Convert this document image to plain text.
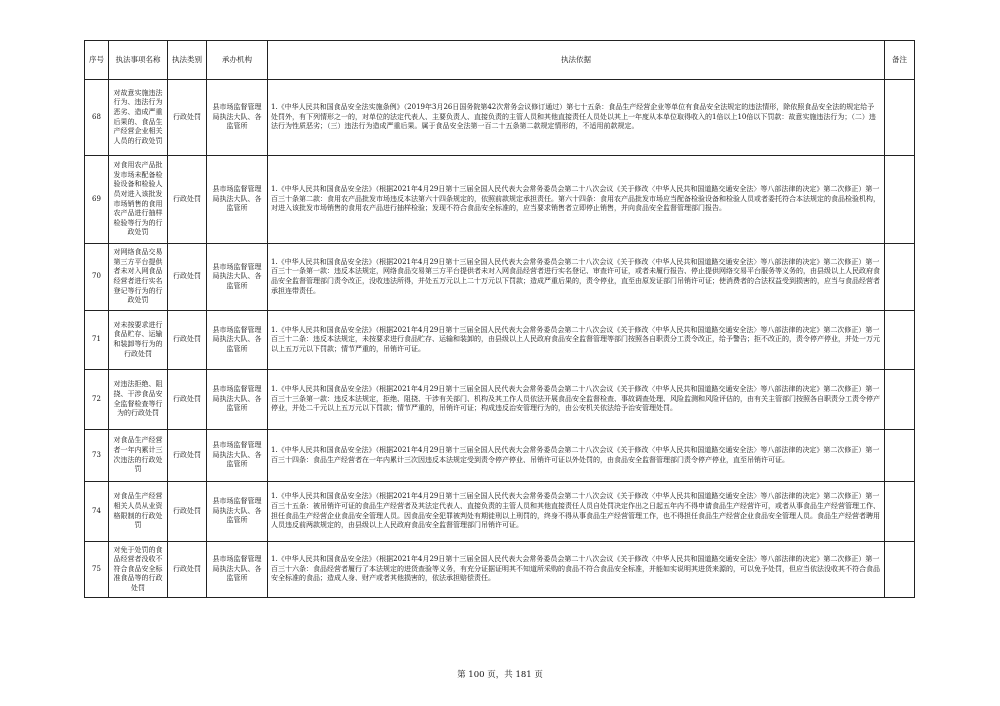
序号	执法事项名称	执法类别	承办机构	执法依据	备注
68	对故意实施违法行为、违法行为恶劣、造成严重后果的、食品生产经营企业相关人员的行政处罚	行政处罚	县市场监督管理局执法大队、各监管所	1.《中华人民共和国食品安全法实施条例》（2019年3月26日国务院第42次常务会议修订通过）第七十五条：食品生产经营企业等单位有食品安全法规定的违法情形，除依照食品安全法的规定给予处罚外，有下列情形之一的，对单位的法定代表人、主要负责人、直接负责的主管人员和其他直接责任人员处以其上一年度从本单位取得收入的1倍以上10倍以下罚款：故意实施违法行为；（二）违法行为性质恶劣；（三）违法行为造成严重后果。属于食品安全法第一百二十五条第二款规定情形的，不适用前款规定。	
69	对食用农产品批发市场未配备检验设备和检验人员对进入该批发市场销售的食用农产品进行抽样检验等行为的行政处罚	行政处罚	县市场监督管理局执法大队、各监管所	1.《中华人民共和国食品安全法》（根据2021年4月29日第十三届全国人民代表大会常务委员会第二十八次会议《关于修改〈中华人民共和国道路交通安全法〉等八部法律的决定》第二次修正）第一百三十条第二款：食用农产品批发市场违反本法第六十四条规定的，依照前款规定承担责任。第六十四条：食用农产品批发市场应当配备检验设备和检验人员或者委托符合本法规定的食品检验机构，对进入该批发市场销售的食用农产品进行抽样检验；发现不符合食品安全标准的，应当要求销售者立即停止销售，并向食品安全监督管理部门报告。	
70	对网络食品交易第三方平台提供者未对入网食品经营者进行实名登记等行为的行政处罚	行政处罚	县市场监督管理局执法大队、各监管所	1.《中华人民共和国食品安全法》（根据2021年4月29日第十三届全国人民代表大会常务委员会第二十八次会议《关于修改〈中华人民共和国道路交通安全法〉等八部法律的决定》第二次修正）第一百三十一条第一款：违反本法规定，网络食品交易第三方平台提供者未对入网食品经营者进行实名登记、审查许可证，或者未履行报告、停止提供网络交易平台服务等义务的，由县级以上人民政府食品安全监督管理部门责令改正，没收违法所得，并处五万元以上二十万元以下罚款；造成严重后果的，责令停业，直至由原发证部门吊销许可证；使消费者的合法权益受到损害的，应当与食品经营者承担连带责任。	
71	对未按要求进行食品贮存、运输和装卸等行为的行政处罚	行政处罚	县市场监督管理局执法大队、各监管所	1.《中华人民共和国食品安全法》（根据2021年4月29日第十三届全国人民代表大会常务委员会第二十八次会议《关于修改〈中华人民共和国道路交通安全法〉等八部法律的决定》第二次修正）第一百三十二条：违反本法规定，未按要求进行食品贮存、运输和装卸的，由县级以上人民政府食品安全监督管理等部门按照各自职责分工责令改正，给予警告；拒不改正的，责令停产停业，并处一万元以上五万元以下罚款；情节严重的，吊销许可证。	
72	对违法拒绝、阻挠、干涉食品安全监督检查等行为的行政处罚	行政处罚	县市场监督管理局执法大队、各监管所	1.《中华人民共和国食品安全法》（根据2021年4月29日第十三届全国人民代表大会常务委员会第二十八次会议《关于修改〈中华人民共和国道路交通安全法〉等八部法律的决定》第二次修正）第一百三十三条第一款：违反本法规定，拒绝、阻挠、干涉有关部门、机构及其工作人员依法开展食品安全监督检查、事故调查处理、风险监测和风险评估的，由有关主管部门按照各自职责分工责令停产停业，并处二千元以上五万元以下罚款；情节严重的，吊销许可证；构成违反治安管理行为的，由公安机关依法给予治安管理处罚。	
73	对食品生产经营者一年内累计三次违法的行政处罚	行政处罚	县市场监督管理局执法大队、各监管所	1.《中华人民共和国食品安全法》（根据2021年4月29日第十三届全国人民代表大会常务委员会第二十八次会议《关于修改〈中华人民共和国道路交通安全法〉等八部法律的决定》第二次修正）第一百三十四条：食品生产经营者在一年内累计三次因违反本法规定受到责令停产停业、吊销许可证以外处罚的，由食品安全监督管理部门责令停产停业，直至吊销许可证。	
74	对食品生产经营相关人员从业资格限制的行政处罚	行政处罚	县市场监督管理局执法大队、各监管所	1.《中华人民共和国食品安全法》（根据2021年4月29日第十三届全国人民代表大会常务委员会第二十八次会议《关于修改〈中华人民共和国道路交通安全法〉等八部法律的决定》第二次修正）第一百三十五条：被吊销许可证的食品生产经营者及其法定代表人、直接负责的主管人员和其他直接责任人员自处罚决定作出之日起五年内不得申请食品生产经营许可，或者从事食品生产经营管理工作、担任食品生产经营企业食品安全管理人员。因食品安全犯罪被判处有期徒刑以上刑罚的，终身不得从事食品生产经营管理工作，也不得担任食品生产经营企业食品安全管理人员。食品生产经营者聘用人员违反前两款规定的，由县级以上人民政府食品安全监督管理部门吊销许可证。	
75	对免于处罚的食品经营者没收不符合食品安全标准食品等的行政处罚	行政处罚	县市场监督管理局执法大队、各监管所	1.《中华人民共和国食品安全法》（根据2021年4月29日第十三届全国人民代表大会常务委员会第二十八次会议《关于修改〈中华人民共和国道路交通安全法〉等八部法律的决定》第二次修正）第一百三十六条：食品经营者履行了本法规定的进货查验等义务，有充分证据证明其不知道所采购的食品不符合食品安全标准，并能如实说明其进货来源的，可以免予处罚，但应当依法没收其不符合食品安全标准的食品；造成人身、财产或者其他损害的，依法承担赔偿责任。	
第 100 页，共 181 页
